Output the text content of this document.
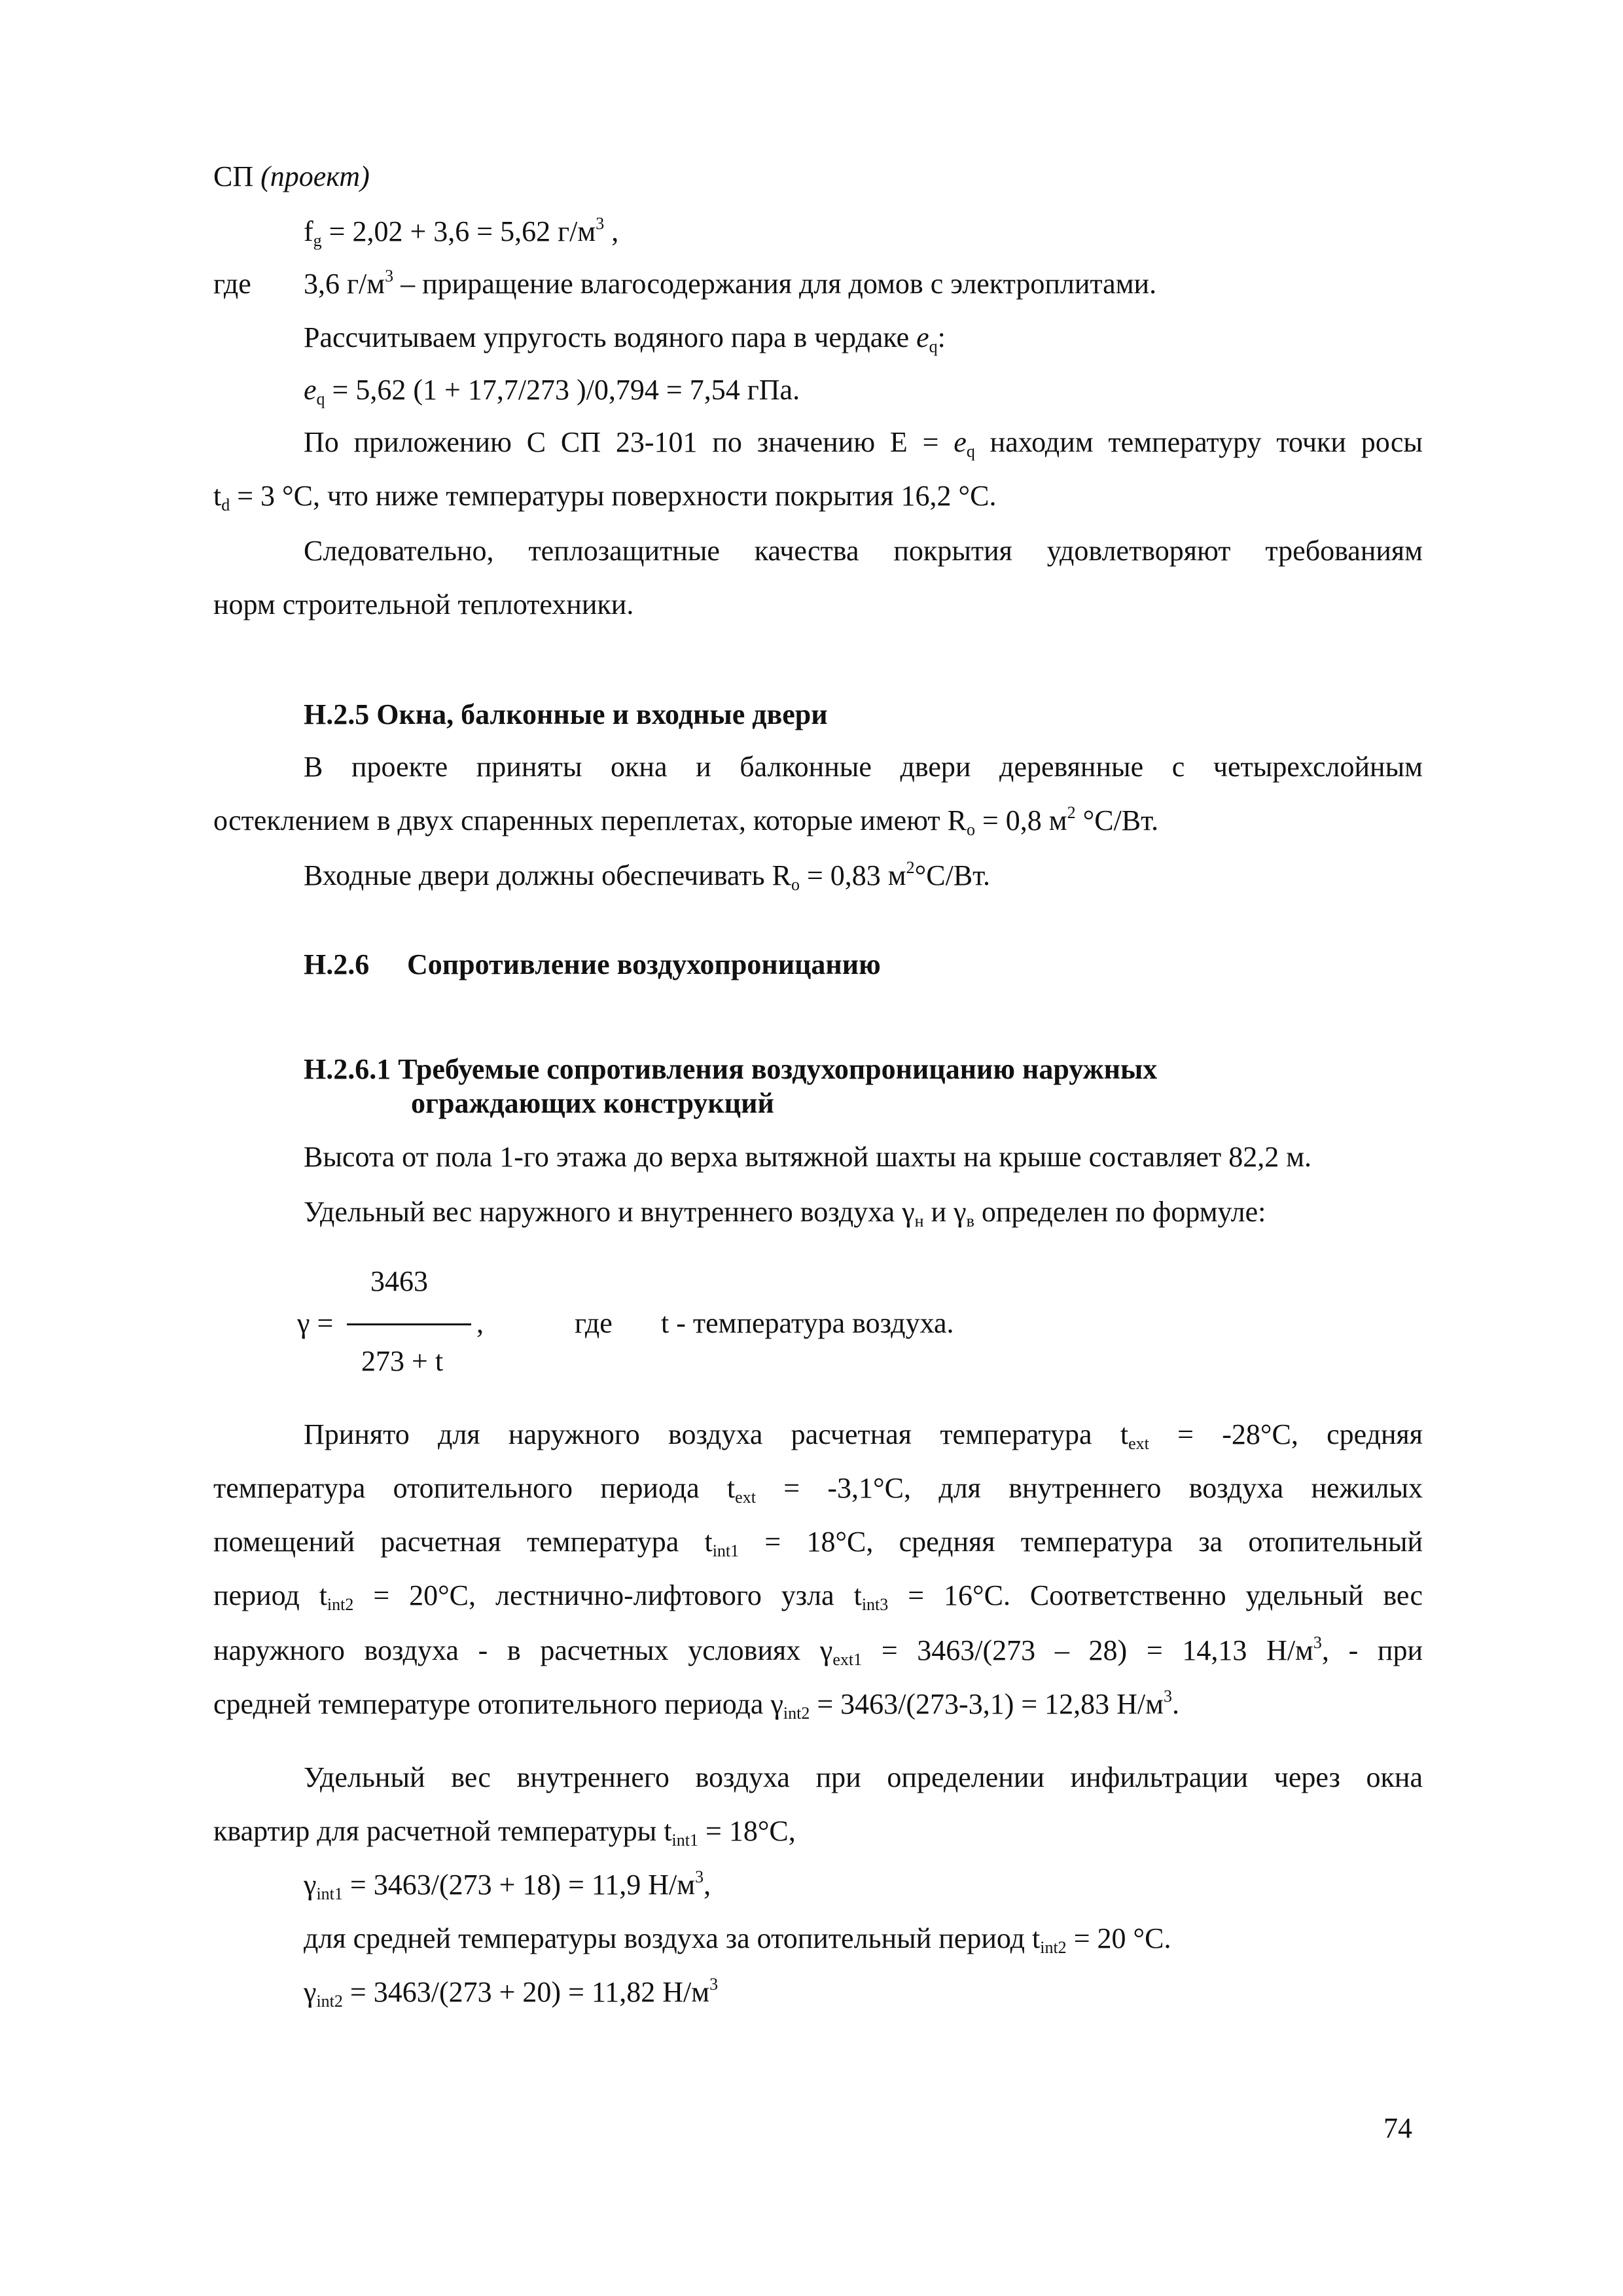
СП (проект)
$f_g = 2,02 + 3,6 = 5,62$ $г/м^3$ ,
где 3,6 $г/м^3$ – приращение влагосодержания для домов с электроплитами.
Рассчитываем упругость водяного пара в чердаке $e_q$:
$e_q = 5,62$ (1 + 17,7/273 )/0,794 = 7,54 гПа.
По приложению С СП 23-101 по значению $Е = e_q$ находим температуру точки росы
$t_d = 3$ °С, что ниже температуры поверхности покрытия 16,2 °С.
Следовательно, теплозащитные качества покрытия удовлетворяют требованиям
норм строительной теплотехники.
Н.2.5 Окна, балконные и входные двери
В проекте приняты окна и балконные двери деревянные с четырехслойным
остеклением в двух спаренных переплетах, которые имеют $R_о = 0,8$ $м^2$ °С/Вт.
Входные двери должны обеспечивать $R_о = 0,83$ $м^2^\circ С/Вт$.
Н.2.6 Сопротивление воздухопроницанию
Н.2.6.1 Требуемые сопротивления воздухопроницанию наружных
ограждающих конструкций
Высота от пола 1-го этажа до верха вытяжной шахты на крыше составляет 82,2 м.
Удельный вес наружного и внутреннего воздуха $\gamma_н$ и $\gamma_в$ определен по формуле:
3463
γ =	,
273 + t
где t - температура воздуха.
Принято для наружного воздуха расчетная температура $t_{ext} = -28^\circ С$, средняя
температура отопительного периода $t_{ext} = -3,1^\circ С$, для внутреннего воздуха нежилых
помещений расчетная температура $t_{int1} = 18^\circ С$, средняя температура за отопительный
период $t_{int2} = 20^\circ С$, лестнично-лифтового узла $t_{int3} = 16^\circ С$. Соответственно удельный вес
наружного воздуха - в расчетных условиях $\gamma_{ext1} = 3463/(273 - 28) = 14,13$ $Н/м^3$, - при
средней температуре отопительного периода $\gamma_{int2} = 3463/(273-3,1) = 12,83$ $Н/м^3$.
Удельный вес внутреннего воздуха при определении инфильтрации через окна
квартир для расчетной температуры $t_{int1} = 18^\circ С$,
$\gamma_{int1} = 3463/(273 + 18) = 11,9$ $Н/м^3$,
для средней температуры воздуха за отопительный период $t_{int2} = 20$ °С.
$\gamma_{int2} = 3463/(273 + 20) = 11,82$ $Н/м^3$
74
